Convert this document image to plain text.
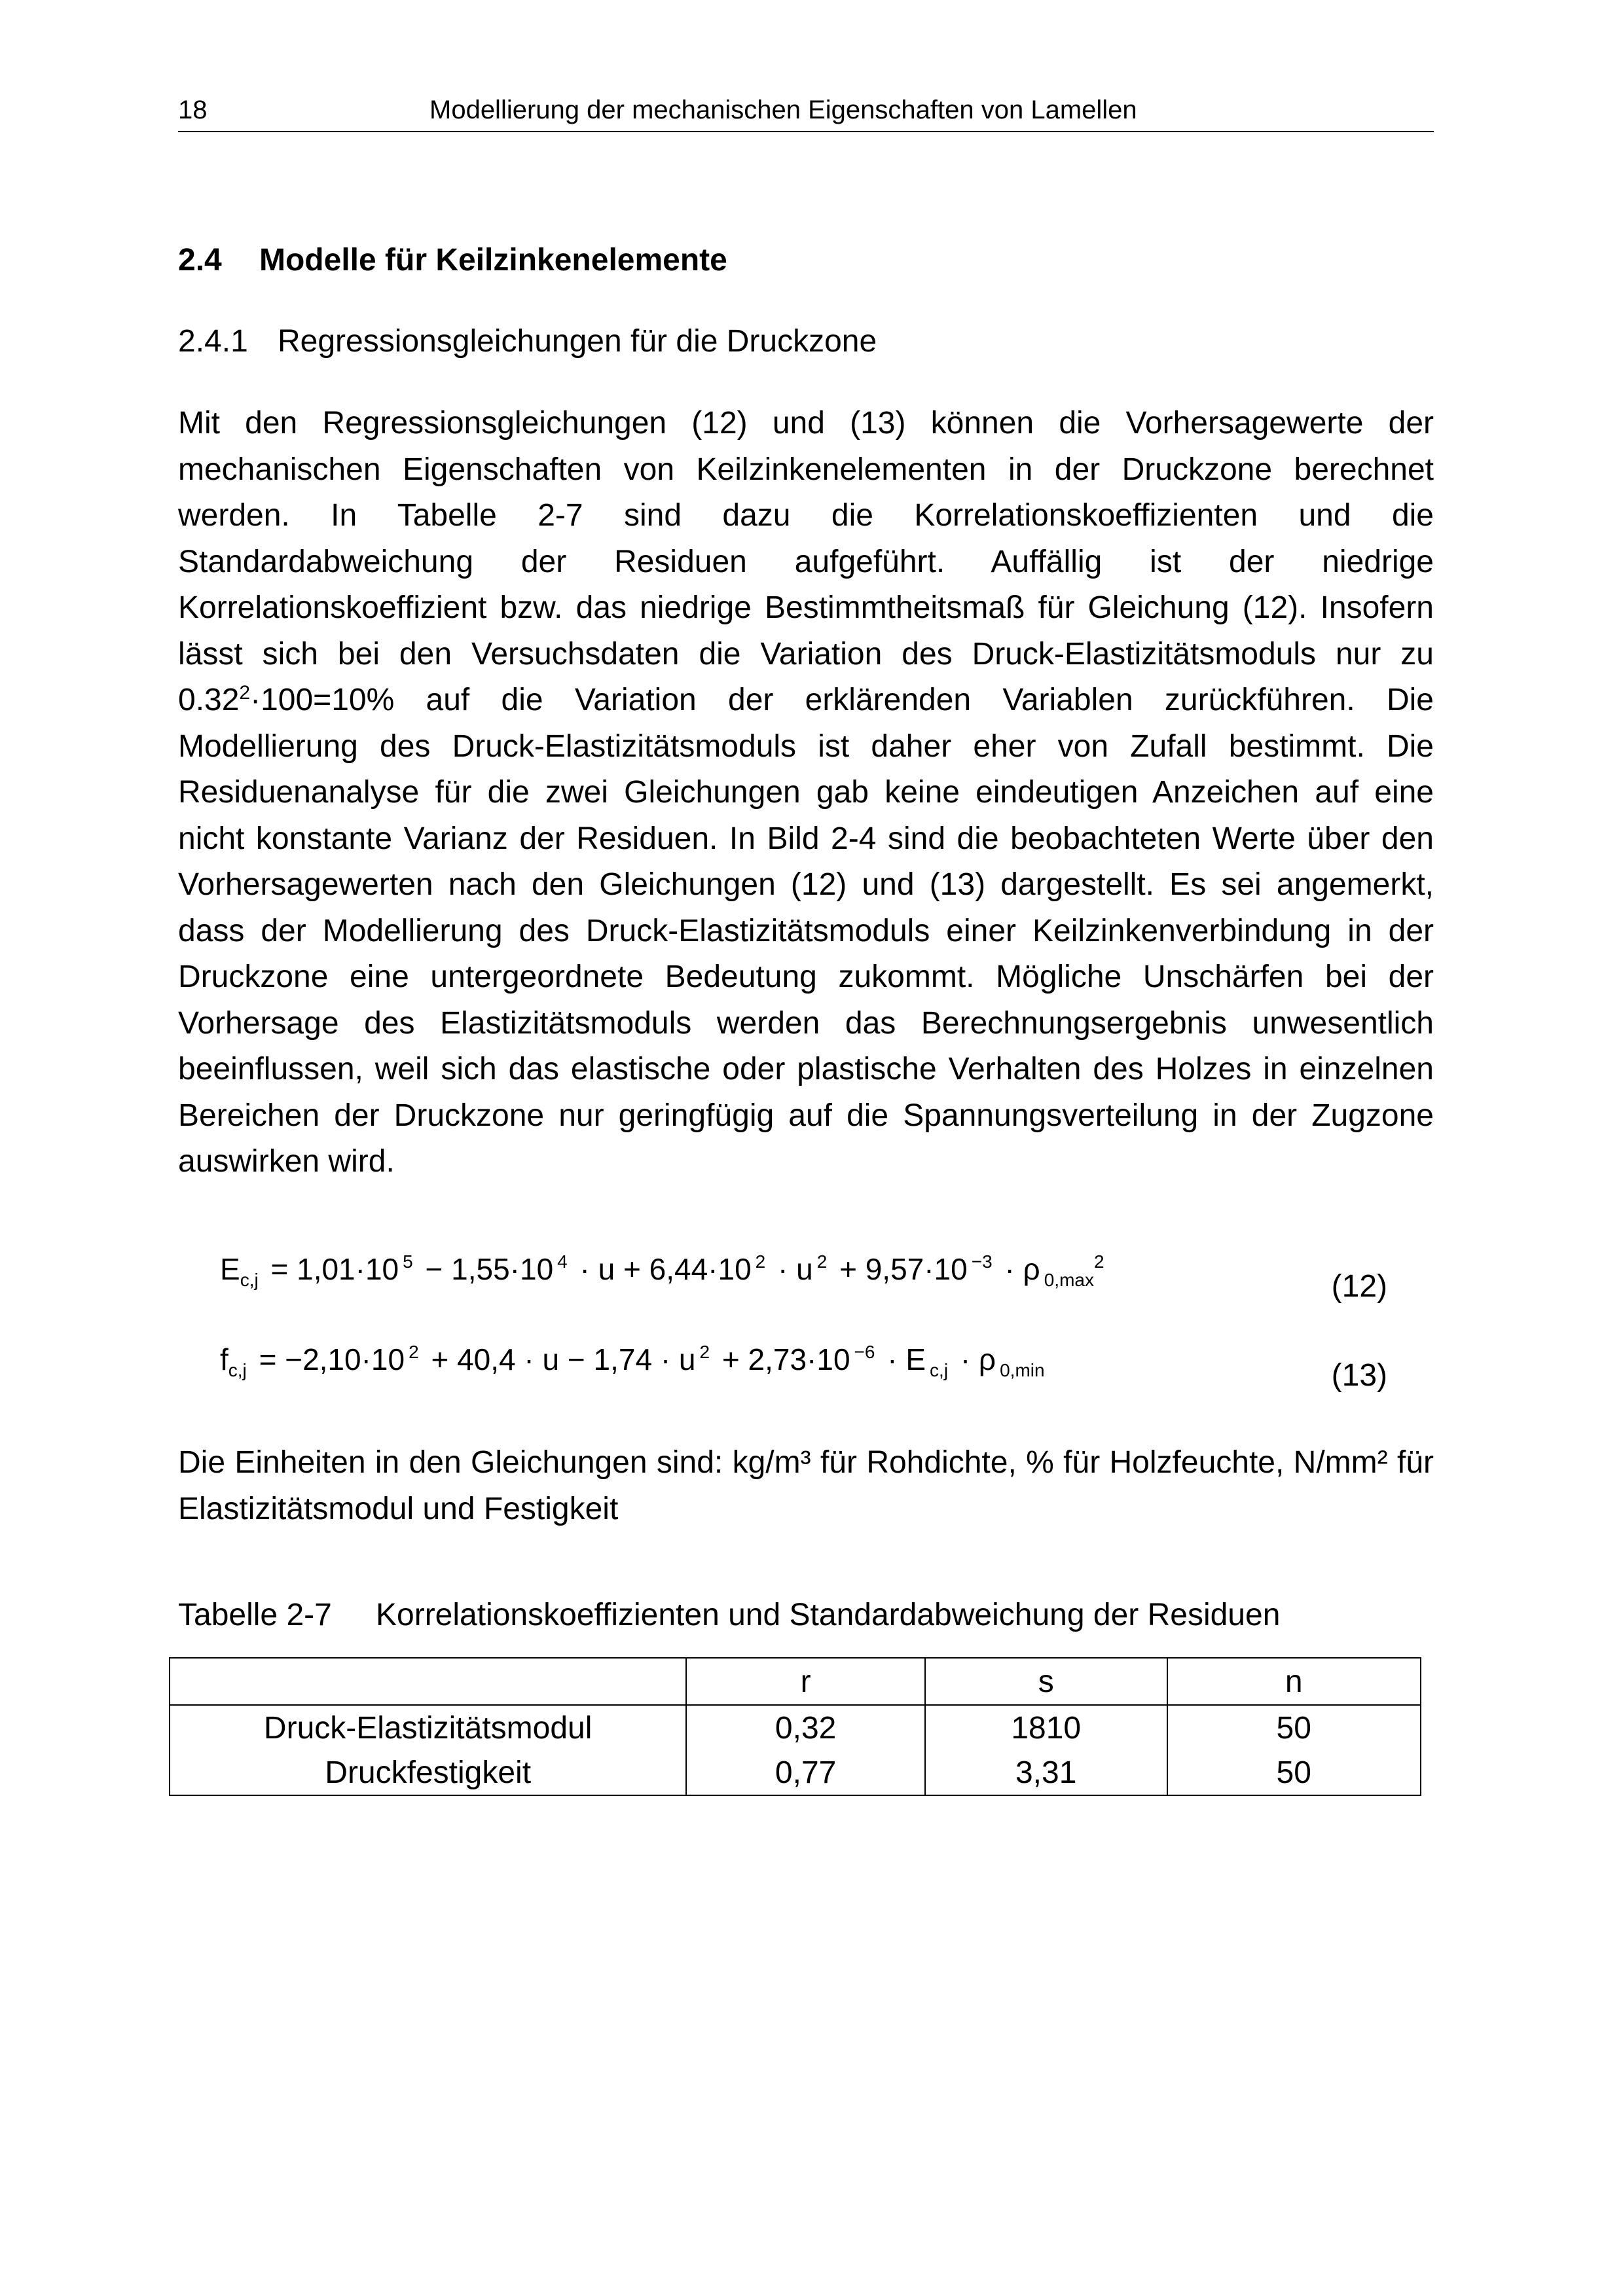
18	Modellierung der mechanischen Eigenschaften von Lamellen
2.4 Modelle für Keilzinkenelemente
2.4.1 Regressionsgleichungen für die Druckzone

Mit den Regressionsgleichungen (12) und (13) können die Vorhersagewerte der mechanischen Eigenschaften von Keilzinkenelementen in der Druckzone berechnet werden. In Tabelle 2-7 sind dazu die Korrelationskoeffizienten und die Standardabweichung der Residuen aufgeführt. Auffällig ist der niedrige Korrelationskoeffizient bzw. das niedrige Bestimmtheitsmaß für Gleichung (12). Insofern lässt sich bei den Versuchsdaten die Variation des Druck-Elastizitätsmoduls nur zu $0.32^2\cdot 100=10\%$ auf die Variation der erklärenden Variablen zurückführen. Die Modellierung des Druck-Elastizitätsmoduls ist daher eher von Zufall bestimmt. Die Residuenanalyse für die zwei Gleichungen gab keine eindeutigen Anzeichen auf eine nicht konstante Varianz der Residuen. In Bild 2-4 sind die beobachteten Werte über den Vorhersagewerten nach den Gleichungen (12) und (13) dargestellt. Es sei angemerkt, dass der Modellierung des Druck-Elastizitätsmoduls einer Keilzinkenverbindung in der Druckzone eine untergeordnete Bedeutung zukommt. Mögliche Unschärfen bei der Vorhersage des Elastizitätsmoduls werden das Berechnungsergebnis unwesentlich beeinflussen, weil sich das elastische oder plastische Verhalten des Holzes in einzelnen Bereichen der Druckzone nur geringfügig auf die Spannungsverteilung in der Zugzone auswirken wird.

$E_{c,j} = 1,01\cdot 10$ $^5$ − 1,55·10 $^4$ · u + 6,44·10 $^2$ · u $^2$ + 9,57·10 $^{-3}$ · ρ $_{0,max}^2$
(12)
$f_{c,j} = -2,10\cdot 10$ $^2$ + 40,4 · u − 1,74 · u $^2$ + 2,73·10 $^{-6}$ · E $_{c,j}$ · ρ $_{0,min}$	(13)

Die Einheiten in den Gleichungen sind: kg/m³ für Rohdichte, % für Holzfeuchte, N/mm² für Elastizitätsmodul und Festigkeit

Tabelle 2-7 Korrelationskoeffizienten und Standardabweichung der Residuen
	r	s	n
Druck-Elastizitätsmodul	0,32	1810	50
Druckfestigkeit	0,77	3,31	50
